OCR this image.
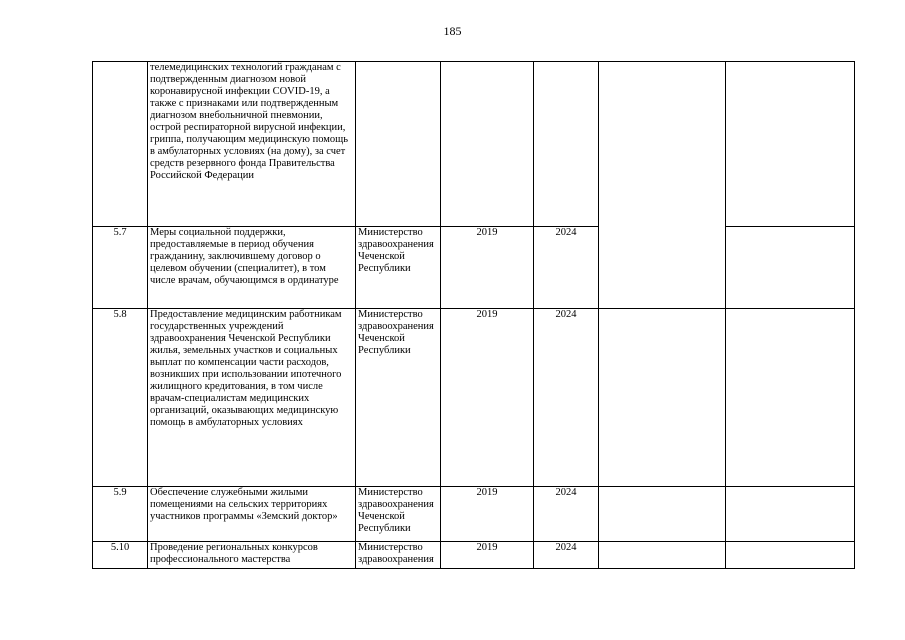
185
	телемедицинских технологий гражданам с подтвержденным диагнозом новой коронавирусной инфекции COVID-19, а также с признаками или подтвержденным диагнозом внебольничной пневмонии, острой респираторной вирусной инфекции, гриппа, получающим медицинскую помощь в амбулаторных условиях (на дому), за счет средств резервного фонда Правительства Российской Федерации					
5.7	Меры социальной поддержки, предоставляемые в период обучения гражданину, заключившему договор о целевом обучении (специалитет), в том числе врачам, обучающимся в ординатуре	Министерство здравоохранения Чеченской Республики	2019	2024		
5.8	Предоставление медицинским работникам государственных учреждений здравоохранения Чеченской Республики жилья, земельных участков и социальных выплат по компенсации части расходов, возникших при использовании ипотечного жилищного кредитования, в том числе врачам-специалистам медицинских организаций, оказывающих медицинскую помощь в амбулаторных условиях	Министерство здравоохранения Чеченской Республики	2019	2024		
5.9	Обеспечение служебными жилыми помещениями на сельских территориях участников программы «Земский доктор»	Министерство здравоохранения Чеченской Республики	2019	2024		
5.10	Проведение региональных конкурсов профессионального мастерства	Министерство здравоохранения	2019	2024		
